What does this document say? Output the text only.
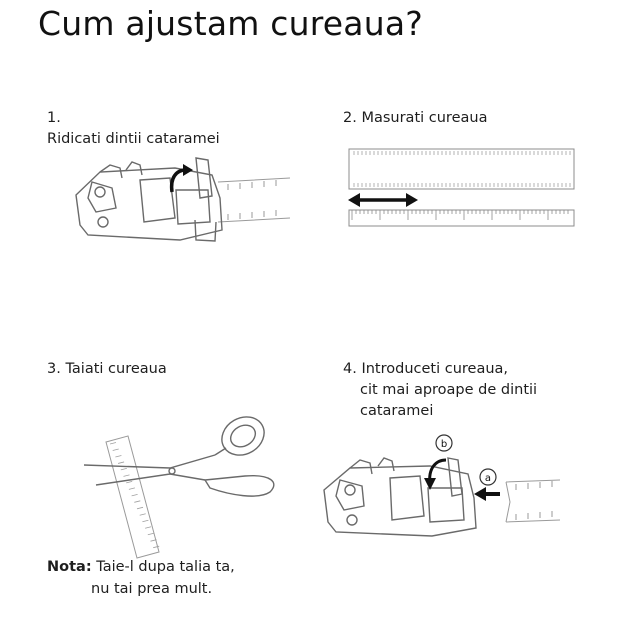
Cum ajustam cureaua?
1.
Ridicati dintii cataramei
2. Masurati cureaua
3. Taiati cureaua	4. Introduceti cureaua,
cit mai aproape de dintii
cataramei
Nota: Taie-l dupa talia ta,
nu tai prea mult.
b
a
